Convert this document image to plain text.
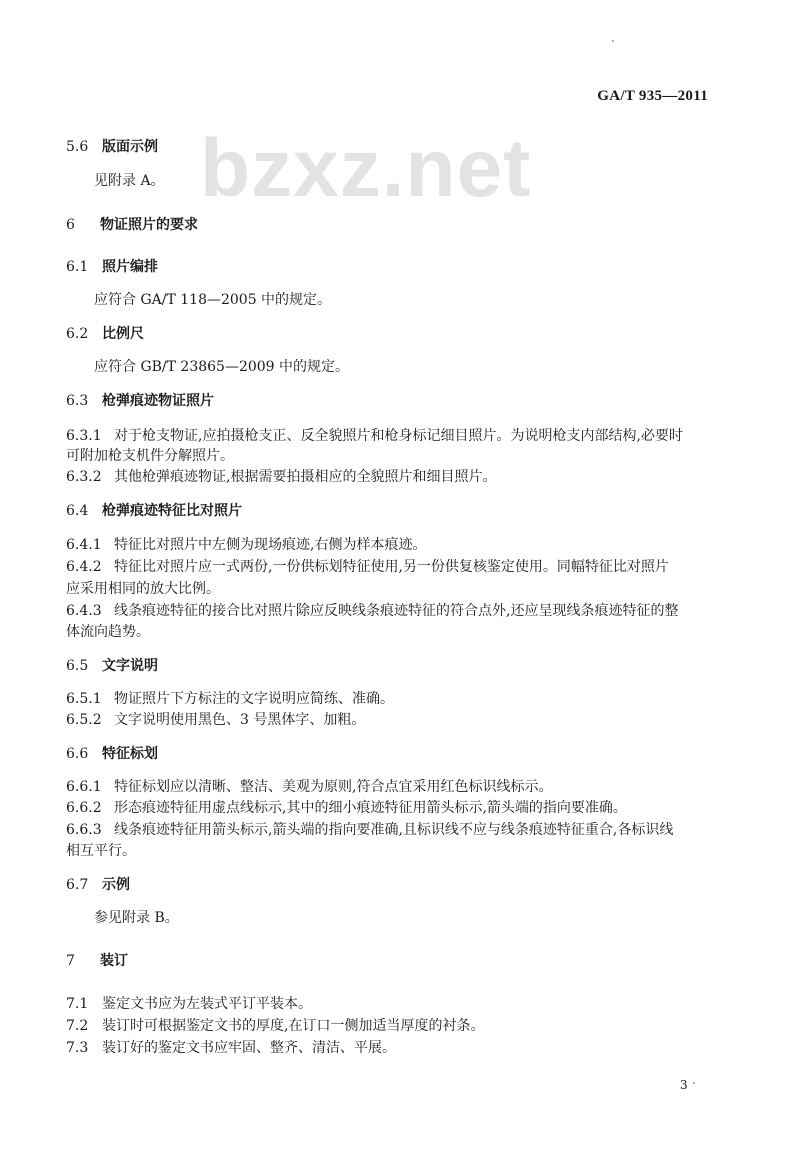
GA/T 935—2011
bzxz.net
5.6 版面示例
见附录 A。
6 物证照片的要求
6.1 照片编排
应符合 GA/T 118—2005 中的规定。
6.2 比例尺
应符合 GB/T 23865—2009 中的规定。
6.3 枪弹痕迹物证照片
6.3.1 对于枪支物证,应拍摄枪支正、反全貌照片和枪身标记细目照片。为说明枪支内部结构,必要时
可附加枪支机件分解照片。
6.3.2 其他枪弹痕迹物证,根据需要拍摄相应的全貌照片和细目照片。
6.4 枪弹痕迹特征比对照片
6.4.1 特征比对照片中左侧为现场痕迹,右侧为样本痕迹。
6.4.2 特征比对照片应一式两份,一份供标划特征使用,另一份供复核鉴定使用。同幅特征比对照片
应采用相同的放大比例。
6.4.3 线条痕迹特征的接合比对照片除应反映线条痕迹特征的符合点外,还应呈现线条痕迹特征的整
体流向趋势。
6.5 文字说明
6.5.1 物证照片下方标注的文字说明应简练、准确。
6.5.2 文字说明使用黑色、3 号黑体字、加粗。
6.6 特征标划
6.6.1 特征标划应以清晰、整洁、美观为原则,符合点宜采用红色标识线标示。
6.6.2 形态痕迹特征用虚点线标示,其中的细小痕迹特征用箭头标示,箭头端的指向要准确。
6.6.3 线条痕迹特征用箭头标示,箭头端的指向要准确,且标识线不应与线条痕迹特征重合,各标识线
相互平行。
6.7 示例
参见附录 B。
7 装订
7.1 鉴定文书应为左装式平订平装本。
7.2 装订时可根据鉴定文书的厚度,在订口一侧加适当厚度的衬条。
7.3 装订好的鉴定文书应牢固、整齐、清洁、平展。
3
